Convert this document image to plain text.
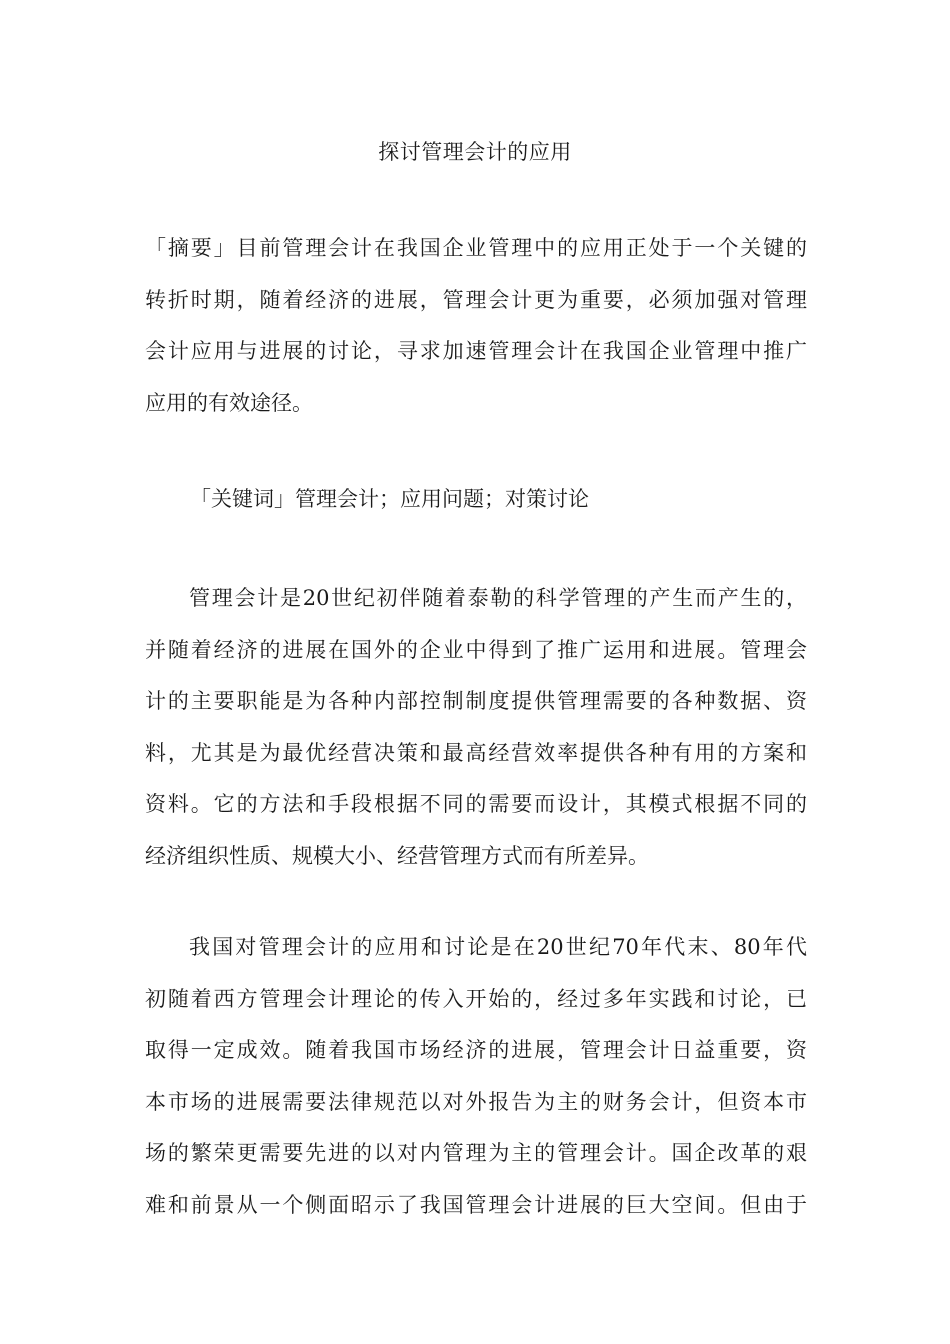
探讨管理会计的应用
「摘要」目前管理会计在我国企业管理中的应用正处于一个关键的
转折时期，随着经济的进展，管理会计更为重要，必须加强对管理
会计应用与进展的讨论，寻求加速管理会计在我国企业管理中推广
应用的有效途径。
「关键词」管理会计；应用问题；对策讨论
管理会计是20世纪初伴随着泰勒的科学管理的产生而产生的，
并随着经济的进展在国外的企业中得到了推广运用和进展。管理会
计的主要职能是为各种内部控制制度提供管理需要的各种数据、资
料，尤其是为最优经营决策和最高经营效率提供各种有用的方案和
资料。它的方法和手段根据不同的需要而设计，其模式根据不同的
经济组织性质、规模大小、经营管理方式而有所差异。
我国对管理会计的应用和讨论是在20世纪70年代末、80年代
初随着西方管理会计理论的传入开始的，经过多年实践和讨论，已
取得一定成效。随着我国市场经济的进展，管理会计日益重要，资
本市场的进展需要法律规范以对外报告为主的财务会计，但资本市
场的繁荣更需要先进的以对内管理为主的管理会计。国企改革的艰
难和前景从一个侧面昭示了我国管理会计进展的巨大空间。但由于
